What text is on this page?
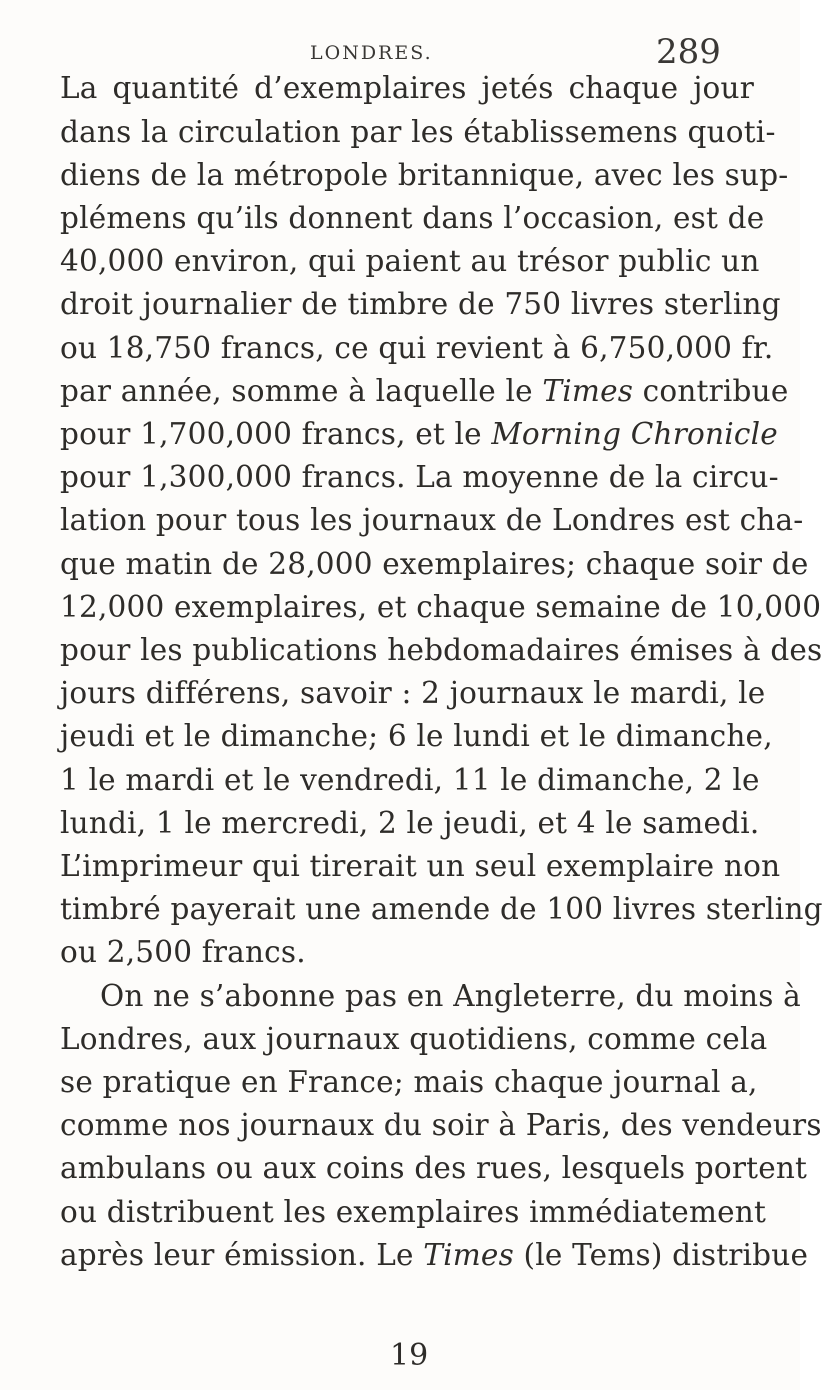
LONDRES.	289
La quantité d’exemplaires jetés chaque jour
dans la circulation par les établissemens quoti-
diens de la métropole britannique, avec les sup-
plémens qu’ils donnent dans l’occasion, est de
40,000 environ, qui paient au trésor public un
droit journalier de timbre de 750 livres sterling
ou 18,750 francs, ce qui revient à 6,750,000 fr.
par année, somme à laquelle le Times contribue
pour 1,700,000 francs, et le Morning Chronicle
pour 1,300,000 francs. La moyenne de la circu-
lation pour tous les journaux de Londres est cha-
que matin de 28,000 exemplaires; chaque soir de
12,000 exemplaires, et chaque semaine de 10,000
pour les publications hebdomadaires émises à des
jours différens, savoir : 2 journaux le mardi, le
jeudi et le dimanche; 6 le lundi et le dimanche,
1 le mardi et le vendredi, 11 le dimanche, 2 le
lundi, 1 le mercredi, 2 le jeudi, et 4 le samedi.
L’imprimeur qui tirerait un seul exemplaire non
timbré payerait une amende de 100 livres sterling
ou 2,500 francs.
On ne s’abonne pas en Angleterre, du moins à
Londres, aux journaux quotidiens, comme cela
se pratique en France; mais chaque journal a,
comme nos journaux du soir à Paris, des vendeurs
ambulans ou aux coins des rues, lesquels portent
ou distribuent les exemplaires immédiatement
après leur émission. Le Times (le Tems) distribue
19
